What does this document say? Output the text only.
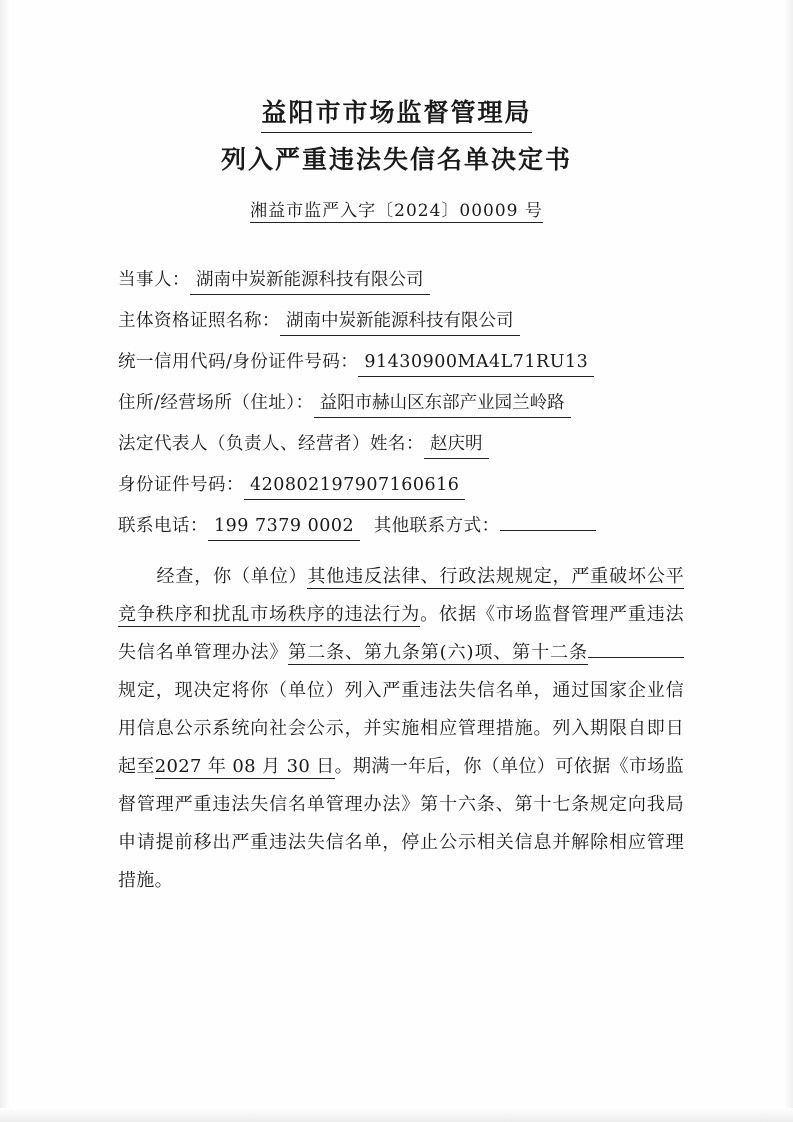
益阳市市场监督管理局
列入严重违法失信名单决定书
湘益市监严入字〔2024〕00009 号
当事人： 湖南中炭新能源科技有限公司
主体资格证照名称： 湖南中炭新能源科技有限公司
统一信用代码/身份证件号码： 91430900MA4L71RU13
住所/经营场所（住址）： 益阳市赫山区东部产业园兰岭路
法定代表人（负责人、经营者）姓名： 赵庆明
身份证件号码： 420802197907160616
联系电话： 199 7379 0002 其他联系方式：
经查，你（单位）其他违反法律、行政法规规定，严重破坏公平竞争秩序和扰乱市场秩序的违法行为。依据《市场监督管理严重违法失信名单管理办法》第二条、第九条第(六)项、第十二条规定，现决定将你（单位）列入严重违法失信名单，通过国家企业信用信息公示系统向社会公示，并实施相应管理措施。列入期限自即日起至2027 年 08 月 30 日。期满一年后，你（单位）可依据《市场监督管理严重违法失信名单管理办法》第十六条、第十七条规定向我局申请提前移出严重违法失信名单，停止公示相关信息并解除相应管理措施。
